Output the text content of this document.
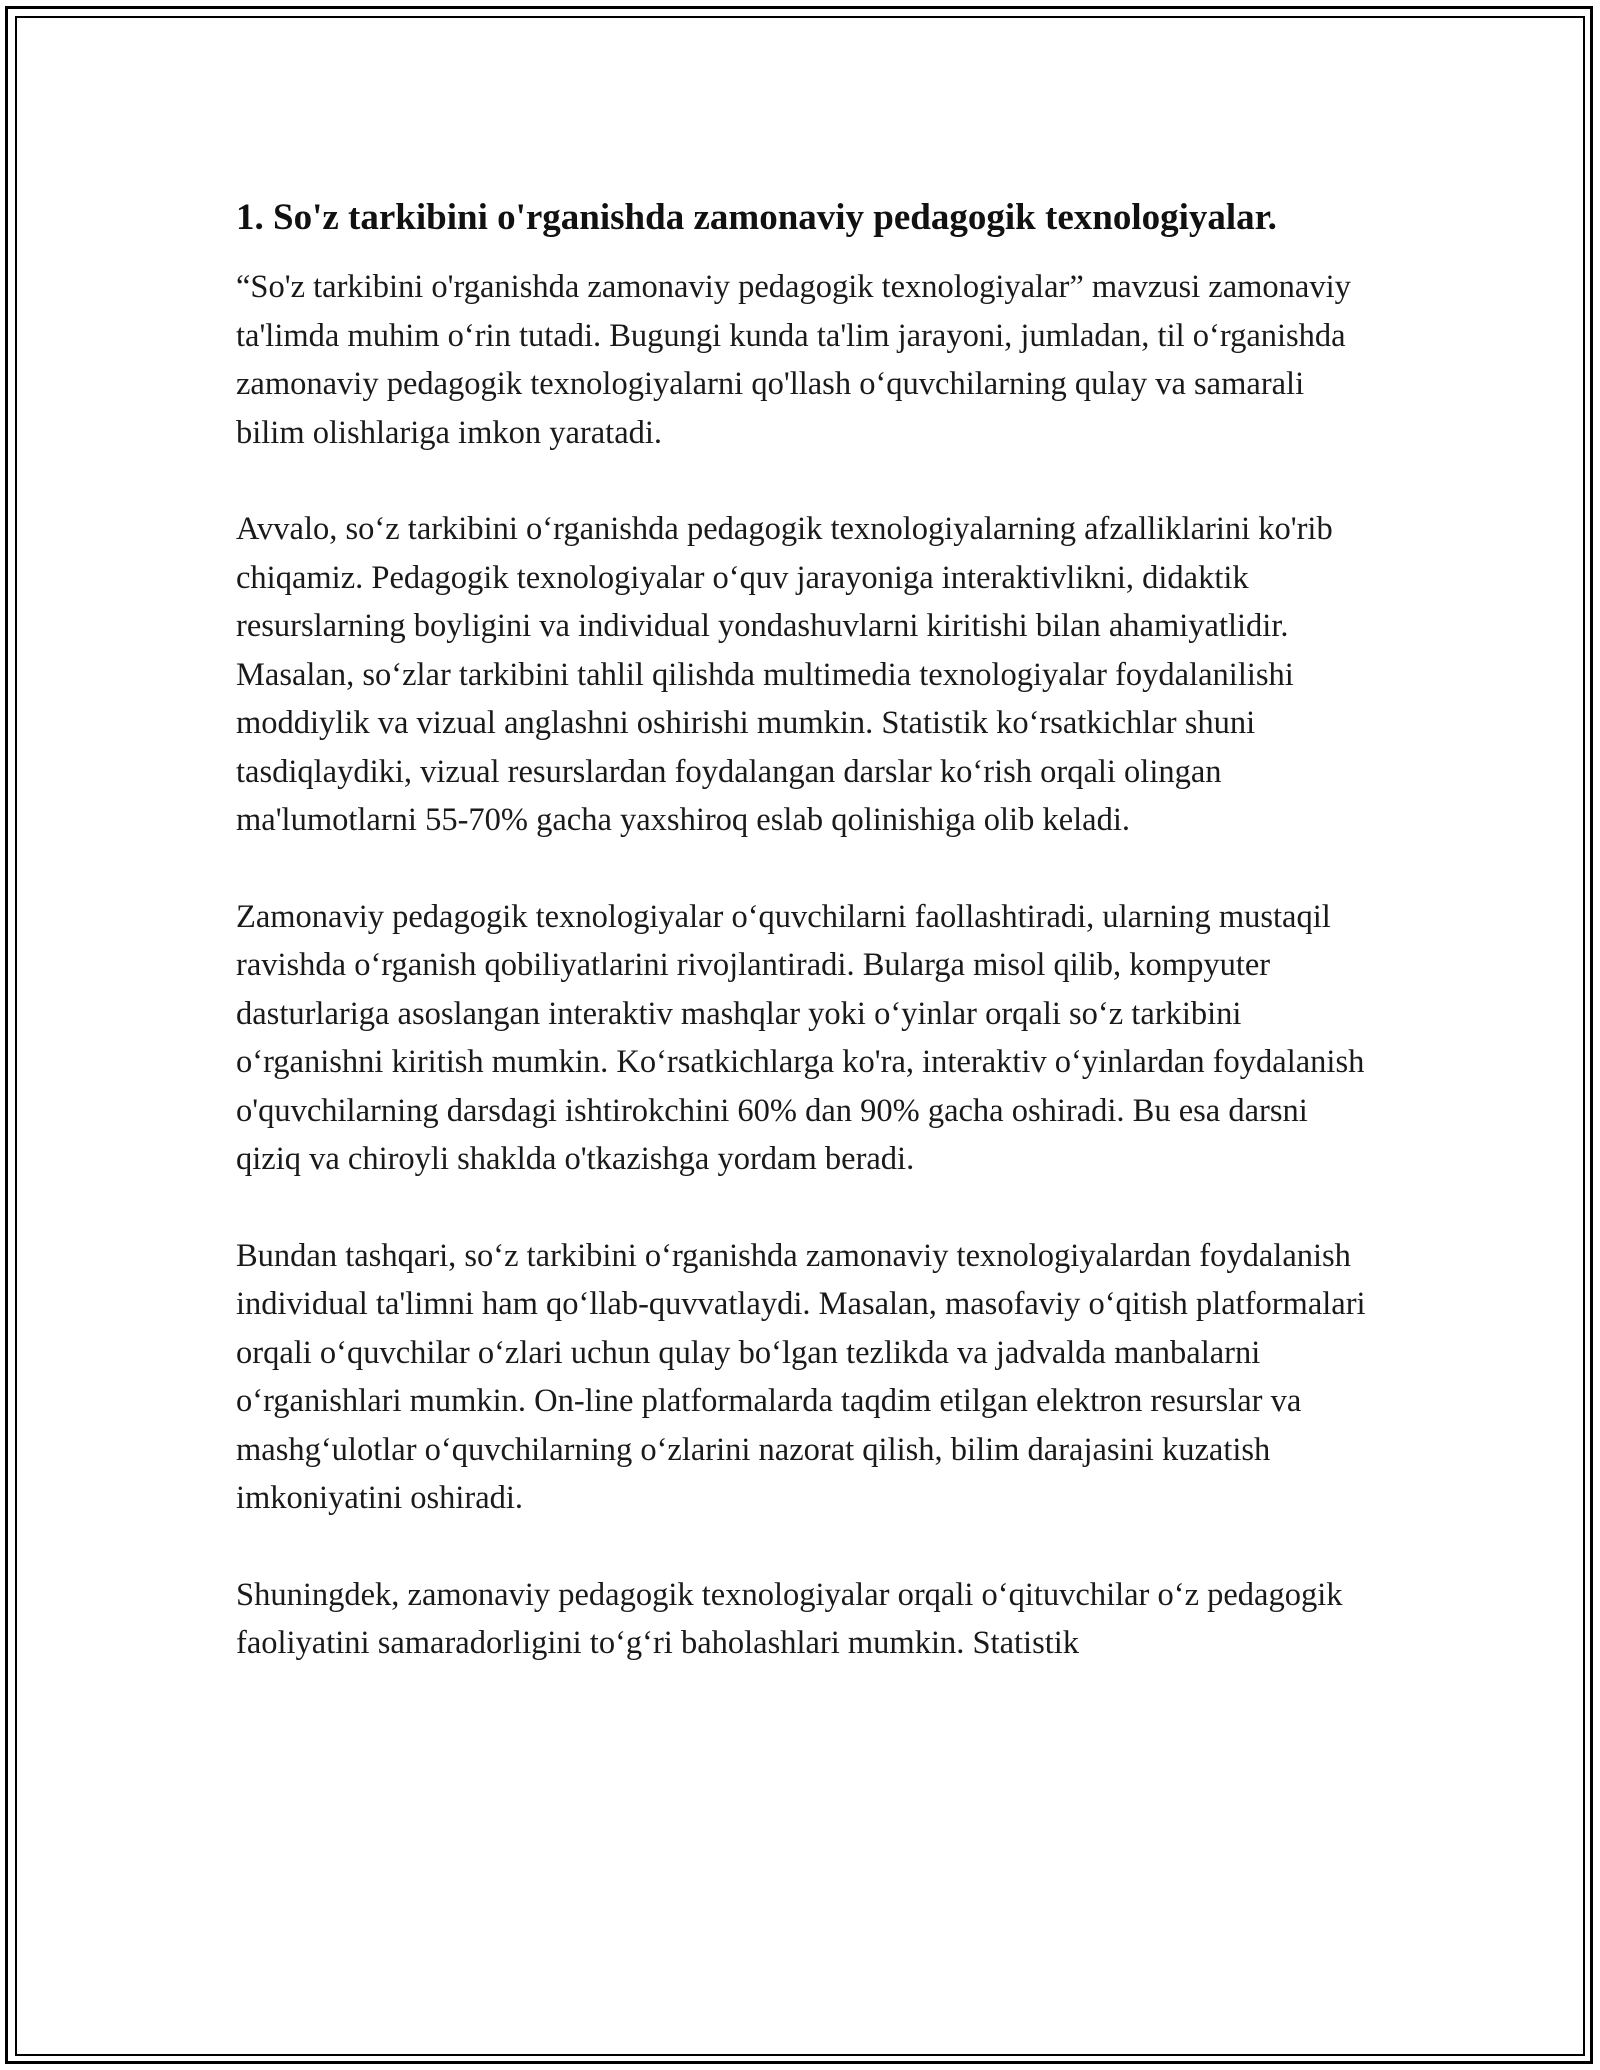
1. So'z tarkibini o'rganishda zamonaviy pedagogik texnologiyalar.

“So'z tarkibini o'rganishda zamonaviy pedagogik texnologiyalar” mavzusi zamonaviy ta'limda muhim o‘rin tutadi. Bugungi kunda ta'lim jarayoni, jumladan, til o‘rganishda zamonaviy pedagogik texnologiyalarni qo'llash o‘quvchilarning qulay va samarali bilim olishlariga imkon yaratadi.

Avvalo, so‘z tarkibini o‘rganishda pedagogik texnologiyalarning afzalliklarini ko'rib chiqamiz. Pedagogik texnologiyalar o‘quv jarayoniga interaktivlikni, didaktik resurslarning boyligini va individual yondashuvlarni kiritishi bilan ahamiyatlidir. Masalan, so‘zlar tarkibini tahlil qilishda multimedia texnologiyalar foydalanilishi moddiylik va vizual anglashni oshirishi mumkin. Statistik ko‘rsatkichlar shuni tasdiqlaydiki, vizual resurslardan foydalangan darslar ko‘rish orqali olingan ma'lumotlarni 55-70% gacha yaxshiroq eslab qolinishiga olib keladi.

Zamonaviy pedagogik texnologiyalar o‘quvchilarni faollashtiradi, ularning mustaqil ravishda o‘rganish qobiliyatlarini rivojlantiradi. Bularga misol qilib, kompyuter dasturlariga asoslangan interaktiv mashqlar yoki o‘yinlar orqali so‘z tarkibini o‘rganishni kiritish mumkin. Ko‘rsatkichlarga ko'ra, interaktiv o‘yinlardan foydalanish o'quvchilarning darsdagi ishtirokchini 60% dan 90% gacha oshiradi. Bu esa darsni qiziq va chiroyli shaklda o'tkazishga yordam beradi.

Bundan tashqari, so‘z tarkibini o‘rganishda zamonaviy texnologiyalardan foydalanish individual ta'limni ham qo‘llab-quvvatlaydi. Masalan, masofaviy o‘qitish platformalari orqali o‘quvchilar o‘zlari uchun qulay bo‘lgan tezlikda va jadvalda manbalarni o‘rganishlari mumkin. On-line platformalarda taqdim etilgan elektron resurslar va mashg‘ulotlar o‘quvchilarning o‘zlarini nazorat qilish, bilim darajasini kuzatish imkoniyatini oshiradi.

Shuningdek, zamonaviy pedagogik texnologiyalar orqali o‘qituvchilar o‘z pedagogik faoliyatini samaradorligini to‘g‘ri baholashlari mumkin. Statistik
